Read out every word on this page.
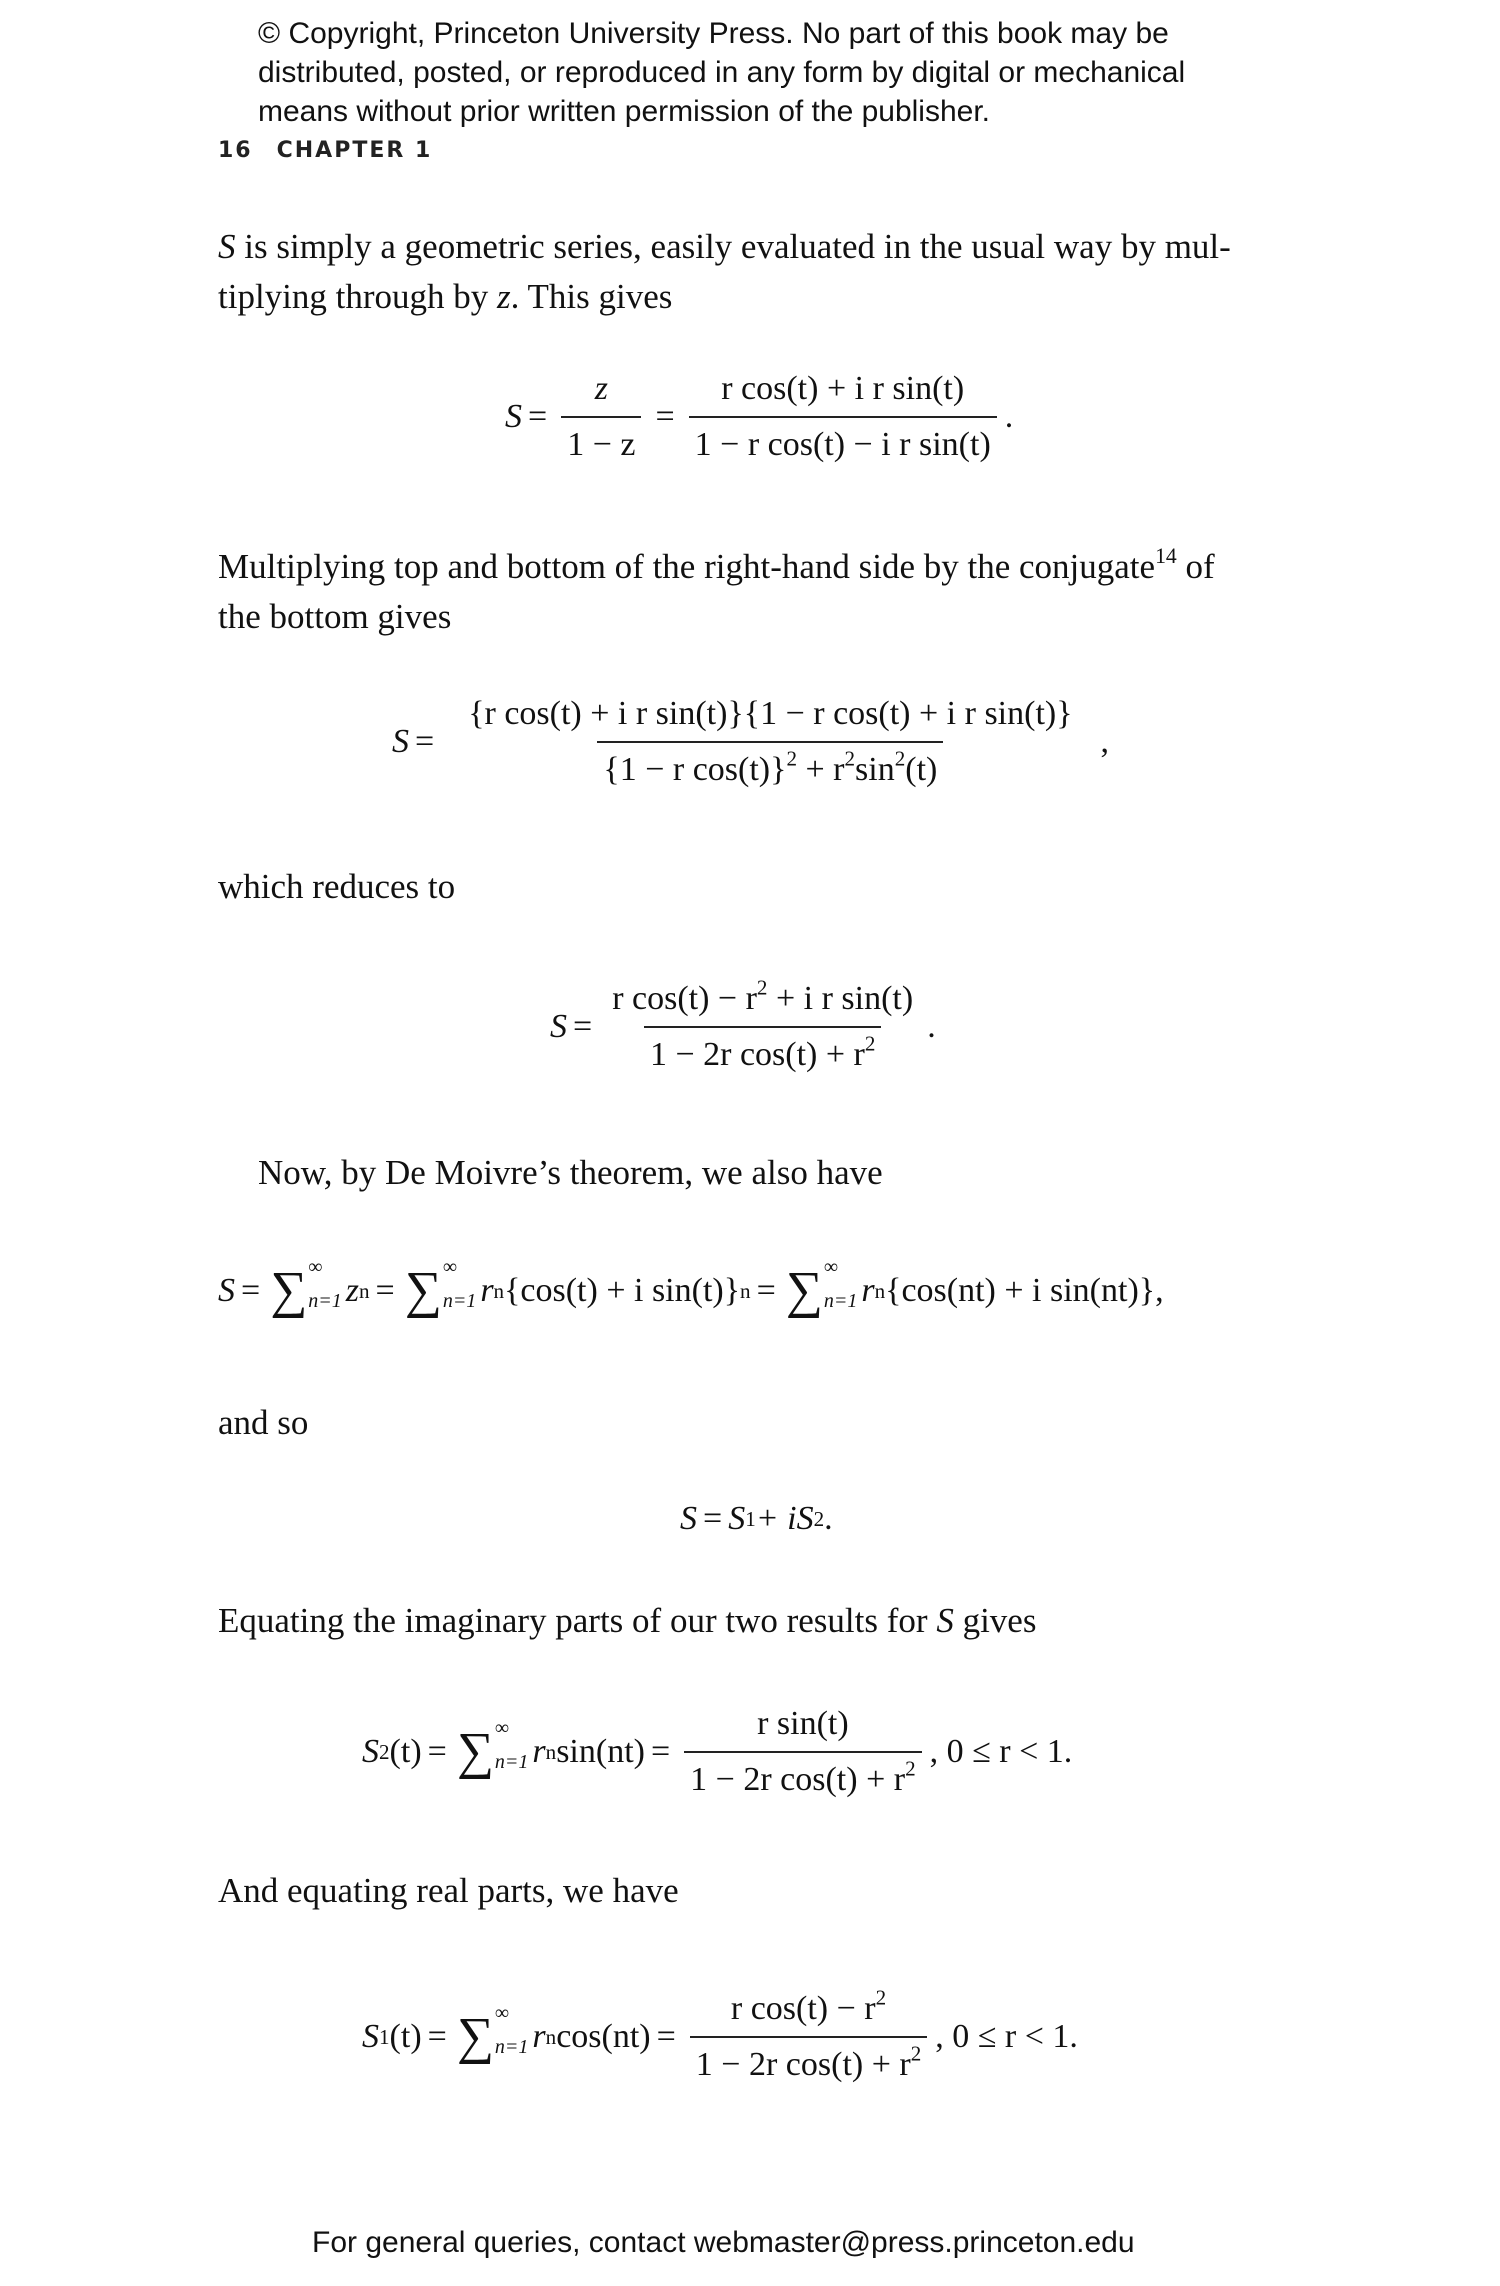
© Copyright, Princeton University Press. No part of this book may be
distributed, posted, or reproduced in any form by digital or mechanical
means without prior written permission of the publisher.
16 CHAPTER 1
S is simply a geometric series, easily evaluated in the usual way by mul-
tiplying through by z. This gives
$S = \frac{z}{1 - z} = \frac{\text{r cos(t) + i r sin(t)}}{\text{1 − r cos(t) − i r sin(t)}}$ .
Multiplying top and bottom of the right-hand side by the conjugate$^{14}$ of
the bottom gives
$S = \frac{\text{\{r cos(t) + i r sin(t)\}\{1 − r cos(t) + i r sin(t)\}}}{\{1 - r \cos(t)\}^2 + r^2\sin^2(t)}$ ,
which reduces to
$S = \frac{r \cos(t) - r^2 + i r \sin(t)}{1 - 2r \cos(t) + r^2}$ .
Now, by De Moivre’s theorem, we also have
S = ∑ ∞
n=1 z n = ∑ ∞
n=1 r n {cos(t) + i sin(t)} n = ∑ ∞
n=1 r n {cos(nt) + i sin(nt)} ,
and so
S = S 1 + i S 2 .
Equating the imaginary parts of our two results for S gives
S 2 (t) = ∑ ∞
n=1 r n $\sin(nt) = \frac{\text{r sin(t)}}{1 - 2r \cos(t) + r^2}$ , 0 ≤ r < 1.
And equating real parts, we have
S 1 (t) = ∑ ∞
n=1 r n $\cos(nt) = \frac{r \cos(t) - r^2}{1 - 2r \cos(t) + r^2}$ , 0 ≤ r < 1.
For general queries, contact webmaster@press.princeton.edu
